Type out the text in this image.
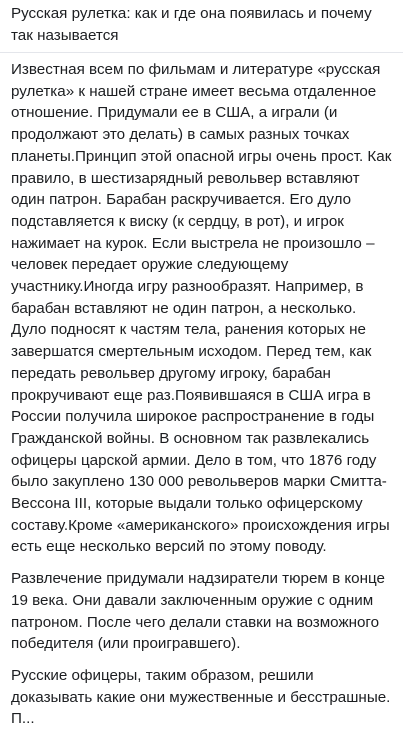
Русская рулетка: как и где она появилась и почему так называется

Известная всем по фильмам и литературе «русская рулетка» к нашей стране имеет весьма отдаленное отношение. Придумали ее в США, а играли (и продолжают это делать) в самых разных точках планеты.Принцип этой опасной игры очень прост. Как правило, в шестизарядный револьвер вставляют один патрон. Барабан раскручивается. Его дуло подставляется к виску (к сердцу, в рот), и игрок нажимает на курок. Если выстрела не произошло – человек передает оружие следующему участнику.Иногда игру разнообразят. Например, в барабан вставляют не один патрон, а несколько. Дуло подносят к частям тела, ранения которых не завершатся смертельным исходом. Перед тем, как передать револьвер другому игроку, барабан прокручивают еще раз.Появившаяся в США игра в России получила широкое распространение в годы Гражданской войны. В основном так развлекались офицеры царской армии. Дело в том, что 1876 году было закуплено 130 000 револьверов марки Смитта-Вессона III, которые выдали только офицерскому составу.Кроме «американского» происхождения игры есть еще несколько версий по этому поводу.

Развлечение придумали надзиратели тюрем в конце 19 века. Они давали заключенным оружие с одним патроном. После чего делали ставки на возможного победителя (или проигравшего).

Русские офицеры, таким образом, решили доказывать какие они мужественные и бесстрашные. П...
